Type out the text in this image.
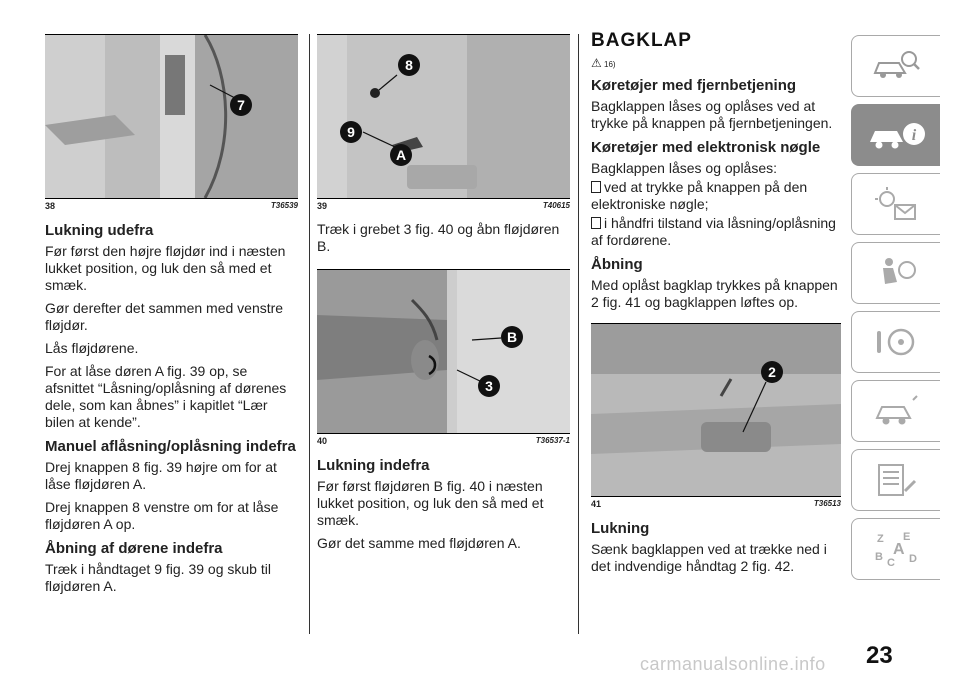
7
38	T36539
Lukning udefra

Før først den højre fløjdør ind i næsten lukket position, og luk den så med et smæk.

Gør derefter det sammen med venstre fløjdør.

Lås fløjdørene.

For at låse døren A fig. 39 op, se afsnittet “Låsning/oplåsning af dørenes dele, som kan åbnes” i kapitlet “Lær bilen at kende”.

Manuel aflåsning/oplåsning indefra

Drej knappen 8 fig. 39 højre om for at låse fløjdøren A.

Drej knappen 8 venstre om for at låse fløjdøren A op.

Åbning af dørene indefra

Træk i håndtaget 9 fig. 39 og skub til fløjdøren A.

8
9
A
39	T40615

Træk i grebet 3 fig. 40 og åbn fløjdøren B.

3
B
40	T36537-1
Lukning indefra

Før først fløjdøren B fig. 40 i næsten lukket position, og luk den så med et smæk.

Gør det samme med fløjdøren A.

BAGKLAP
⚠ 16)
Køretøjer med fjernbetjening

Bagklappen låses og oplåses ved at trykke på knappen på fjernbetjeningen.

Køretøjer med elektronisk nøgle

Bagklappen låses og oplåses:

ved at trykke på knappen på den elektroniske nøgle;

i håndfri tilstand via låsning/oplåsning af fordørene.

Åbning

Med oplåst bagklap trykkes på knappen 2 fig. 41 og bagklappen løftes op.

2
41	T36513
Lukning

Sænk bagklappen ved at trække ned i det indvendige håndtag 2 fig. 42.

i
Z E
A
B C D
23
carmanualsonline.info
